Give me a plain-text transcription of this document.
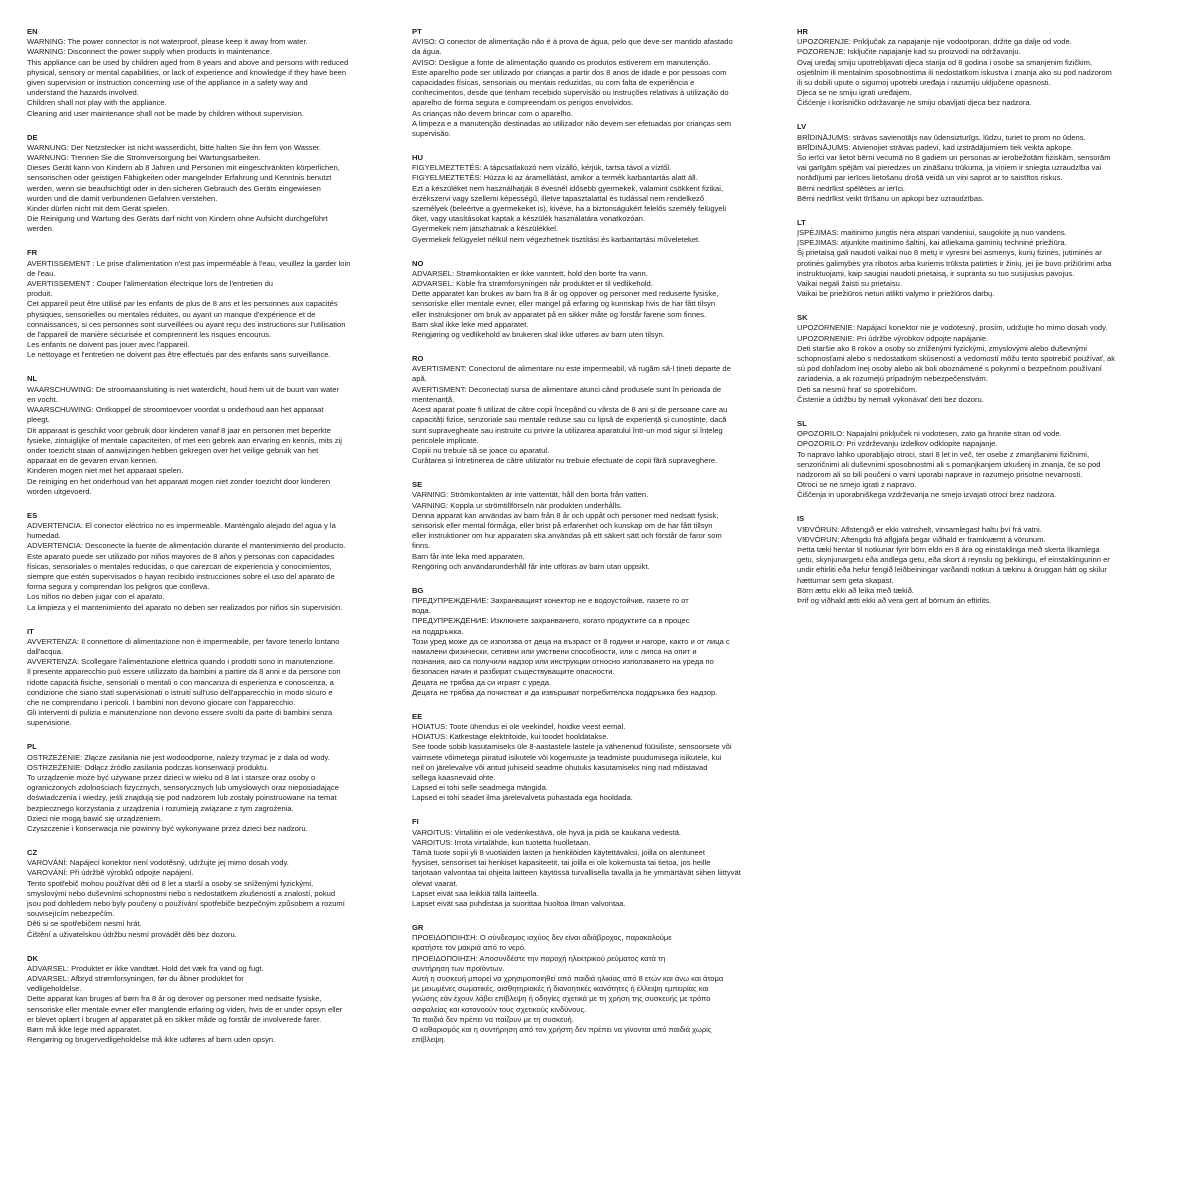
EN
WARNING: The power connector is not waterproof, please keep it away from water.
WARNING: Disconnect the power supply when products in maintenance.
This appliance can be used by children aged from 8 years and above and persons with reduced
physical, sensory or mental capabilities, or lack of experience and knowledge if they have been
given supervision or instruction concerning use of the appliance in a safety way and
understand the hazards involved.
Children shall not play with the appliance.
Cleaning and user maintenance shall not be made by children without supervision.
DE
WARNUNG: Der Netzstecker ist nicht wasserdicht, bitte halten Sie ihn fern von Wasser.
WARNUNG: Trennen Sie die Stromversorgung bei Wartungsarbeiten.
Dieses Gerät kann von Kindern ab 8 Jahren und Personen mit eingeschränkten körperlichen,
sensorischen oder geistigen Fähigkeiten oder mangelnder Erfahrung und Kenntnis benutzt
werden, wenn sie beaufsichtigt oder in den sicheren Gebrauch des Geräts eingewiesen
wurden und die damit verbundenen Gefahren verstehen.
Kinder dürfen nicht mit dem Gerät spielen.
Die Reinigung und Wartung des Geräts darf nicht von Kindern ohne Aufsicht durchgeführt
werden.
FR
AVERTISSEMENT : Le prise d'alimentation n'est pas imperméable à l'eau, veuillez la garder loin
de l'eau.
AVERTISSEMENT : Couper l'alimentation électrique lors de l'entretien du
produit.
Cet appareil peut être utilisé par les enfants de plus de 8 ans et les personnes aux capacités
physiques, sensorielles ou mentales réduites, ou ayant un manque d'expérience et de
connaissances, si ces personnes sont surveillées ou ayant reçu des instructions sur l'utilisation
de l'appareil de manière sécurisée et comprennent les risques encourus.
Les enfants ne doivent pas jouer avec l'appareil.
Le nettoyage et l'entretien ne doivent pas être effectués par des enfants sans surveillance.
NL
WAARSCHUWING: De stroomaansluiting is niet waterdicht, houd hem uit de buurt van water
en vocht.
WAARSCHUWING: Ontkoppel de stroomtoevoer voordat u onderhoud aan het apparaat
pleegt.
Dit apparaat is geschikt voor gebruik door kinderen vanaf 8 jaar en personen met beperkte
fysieke, zintuiglijke of mentale capaciteiten, of met een gebrek aan ervaring en kennis, mits zij
onder toezicht staan of aanwijzingen hebben gekregen over het veilige gebruik van het
apparaat en de gevaren ervan kennen.
Kinderen mogen niet met het apparaat spelen.
De reiniging en het onderhoud van het apparaat mogen niet zonder toezicht door kinderen
worden uitgevoerd.
ES
ADVERTENCIA: El conector eléctrico no es impermeable. Manténgalo alejado del agua y la
humedad.
ADVERTENCIA: Desconecte la fuente de alimentación durante el mantenimiento del producto.
Este aparato puede ser utilizado por niños mayores de 8 años y personas con capacidades
físicas, sensoriales o mentales reducidas, o que carezcan de experiencia y conocimientos,
siempre que estén supervisados o hayan recibido instrucciones sobre el uso del aparato de
forma segura y comprendan los peligros que conlleva.
Los niños no deben jugar con el aparato.
La limpieza y el mantenimiento del aparato no deben ser realizados por niños sin supervisión.
IT
AVVERTENZA: Il connettore di alimentazione non è impermeabile, per favore tenerlo lontano
dall'acqua.
AVVERTENZA: Scollegare l'alimentazione elettrica quando i prodotti sono in manutenzione.
Il presente apparecchio può essere utilizzato da bambini a partire da 8 anni e da persone con
ridotte capacità fisiche, sensoriali o mentali o con mancanza di esperienza e conoscenza, a
condizione che siano stati supervisionati o istruiti sull'uso dell'apparecchio in modo sicuro e
che ne comprendano i pericoli. I bambini non devono giocare con l'apparecchio.
Gli interventi di pulizia e manutenzione non devono essere svolti da parte di bambini senza
supervisione.
PL
OSTRZEŻENIE: Złącze zasilania nie jest wodoodporne, należy trzymać je z dala od wody.
OSTRZEŻENIE: Odłącz źródło zasilania podczas konserwacji produktu.
To urządzenie może być używane przez dzieci w wieku od 8 lat i starsze oraz osoby o
ograniczonych zdolnościach fizycznych, sensorycznych lub umysłowych oraz nieposiadające
doświadczenia i wiedzy, jeśli znajdują się pod nadzorem lub zostały poinstruowane na temat
bezpiecznego korzystania z urządzenia i rozumieją związane z tym zagrożenia.
Dzieci nie mogą bawić się urządzeniem.
Czyszczenie i konserwacja nie powinny być wykonywane przez dzieci bez nadzoru.
CZ
VAROVÁNÍ: Napájecí konektor není vodotěsný, udržujte jej mimo dosah vody.
VAROVÁNÍ: Při údržbě výrobků odpojte napájení.
Tento spotřebič mohou používat děti od 8 let a starší a osoby se sníženými fyzickými,
smyslovými nebo duševními schopnostmi nebo s nedostatkem zkušeností a znalostí, pokud
jsou pod dohledem nebo byly poučeny o používání spotřebiče bezpečným způsobem a rozumí
souvisejícím nebezpečím.
Děti si se spotřebičem nesmí hrát.
Čištění a uživatelskou údržbu nesmí provádět děti bez dozoru.
DK
ADVARSEL: Produktet er ikke vandtæt. Hold det væk fra vand og fugt.
ADVARSEL: Afbryd strømforsyningen, før du åbner produktet for
vedligeholdelse.
Dette apparat kan bruges af børn fra 8 år og derover og personer med nedsatte fysiske,
sensoriske eller mentale evner eller manglende erfaring og viden, hvis de er under opsyn eller
er blevet oplært i brugen af apparatet på en sikker måde og forstår de involverede farer.
Børn må ikke lege med apparatet.
Rengøring og brugervedligeholdelse må ikke udføres af børn uden opsyn.
PT
AVISO: O conector de alimentação não é à prova de água, pelo que deve ser mantido afastado
da água.
AVISO: Desligue a fonte de alimentação quando os produtos estiverem em manutenção.
Este aparelho pode ser utilizado por crianças a partir dos 8 anos de idade e por pessoas com
capacidades físicas, sensoriais ou mentais reduzidas, ou com falta de experiência e
conhecimentos, desde que tenham recebido supervisão ou instruções relativas à utilização do
aparelho de forma segura e compreendam os perigos envolvidos.
As crianças não devem brincar com o aparelho.
A limpeza e a manutenção destinadas ao utilizador não devem ser efetuadas por crianças sem
supervisão.
HU
FIGYELMEZTETÉS: A tápcsatlakozó nem vízálló, kérjük, tartsa távol a víztől.
FIGYELMEZTETÉS: Húzza ki az áramellátást, amikor a termék karbantartás alatt áll.
Ezt a készüléket nem használhatják 8 évesnél idősebb gyermekek, valamint csökkent fizikai,
érzékszervi vagy szellemi képességű, illetve tapasztalattal és tudással nem rendelkező
személyek (beleértve a gyermekeket is), kivéve, ha a biztonságukért felelős személy felügyeli
őket, vagy utasításokat kaptak a készülék használatára vonatkozóan.
Gyermekek nem játszhatnak a készülékkel.
Gyermekek felügyelet nélkül nem végezhetnek tisztítási és karbantartási műveleteket.
NO
ADVARSEL: Strømkontakten er ikke vanntett, hold den borte fra vann.
ADVARSEL: Koble fra strømforsyningen når produktet er til vedlikehold.
Dette apparatet kan brukes av barn fra 8 år og oppover og personer med reduserte fysiske,
sensoriske eller mentale evner, eller mangel på erfaring og kunnskap hvis de har fått tilsyn
eller instruksjoner om bruk av apparatet på en sikker måte og forstår farene som finnes.
Barn skal ikke leke med apparatet.
Rengjøring og vedlikehold av brukeren skal ikke utføres av barn uten tilsyn.
RO
AVERTISMENT: Conectorul de alimentare nu este impermeabil, vă rugăm să-l țineți departe de
apă.
AVERTISMENT: Deconectați sursa de alimentare atunci când produsele sunt în perioada de
mentenanță.
Acest aparat poate fi utilizat de către copii începând cu vârsta de 8 ani și de persoane care au
capacități fizice, senzoriale sau mentale reduse sau cu lipsă de experiență și cunoștințe, dacă
sunt supravegheate sau instruite cu privire la utilizarea aparatului într-un mod sigur și înțeleg
pericolele implicate.
Copiii nu trebuie să se joace cu aparatul.
Curățarea și întreținerea de către utilizator nu trebuie efectuate de copii fără supraveghere.
SE
VARNING: Strömkontakten är inte vattentät, håll den borta från vatten.
VARNING: Koppla ur strömtillförseln när produkten underhålls.
Denna apparat kan användas av barn från 8 år och uppåt och personer med nedsatt fysisk,
sensorisk eller mental förmåga, eller brist på erfarenhet och kunskap om de har fått tillsyn
eller instruktioner om hur apparaten ska användas på ett säkert sätt och förstår de faror som
finns.
Barn får inte leka med apparaten.
Rengöring och användarunderhåll får inte utföras av barn utan uppsikt.
BG
ПРЕДУПРЕЖДЕНИЕ: Захранващият конектор не е водоустойчив, пазете го от
вода.
ПРЕДУПРЕЖДЕНИЕ: Изключете захранването, когато продуктите са в процес
на поддръжка.
Този уред може да се използва от деца на възраст от 8 години и нагоре, както и от лица с
намалени физически, сетивни или умствени способности, или с липса на опит и
познания, ако са получили надзор или инструкции относно използването на уреда по
безопасен начин и разбират съществуващите опасности.
Децата не трябва да си играят с уреда.
Децата не трябва да почистват и да извършват потребителска поддръжка без надзор.
EE
HOIATUS: Toote ühendus ei ole veekindel, hoidke veest eemal.
HOIATUS: Katkestage elektritoide, kui toodet hooldatakse.
See toode sobib kasutamiseks üle 8-aastastele lastele ja vähenenud füüsiliste, sensoorsete või
vaimsete võimetega piiratud isikutele või kogemuste ja teadmiste puudumisega isikutele, kui
neil on järelevalve või antud juhiseid seadme ohutuks kasutamiseks ning nad mõistavad
sellega kaasnevaid ohte.
Lapsed ei tohi selle seadmega mängida.
Lapsed ei tohi seadet ilma järelevalveta puhastada ega hooldada.
FI
VAROITUS: Virtaliitin ei ole vedenkestävä, ole hyvä ja pidä se kaukana vedestä.
VAROITUS: Irrota virtalähde, kun tuotetta huolletaan.
Tämä tuote sopii yli 8 vuotiaiden lasten ja henkilöiden käytettäväksi, joilla on alentuneet
fyysiset, sensoriset tai henkiset kapasiteetit, tai joilla ei ole kokemusta tai tietoa, jos heille
tarjotaan valvontaa tai ohjeita laitteen käytössä turvallisella tavalla ja he ymmärtävät siihen liittyvät
olevat vaarat.
Lapset eivät saa leikkiä tällä laitteella.
Lapset eivät saa puhdistaa ja suorittaa huoltoa ilman valvontaa.
GR
ΠΡΟΕΙΔΟΠΟΙΗΣΗ: Ο σύνδεσμος ισχύος δεν είναι αδιάβροχος, παρακαλούμε
κρατήστε τον μακριά από το νερό.
ΠΡΟΕΙΔΟΠΟΙΗΣΗ: Αποσυνδέστε την παροχή ηλεκτρικού ρεύματος κατά τη
συντήρηση των προϊόντων.
Αυτή η συσκευή μπορεί να χρησιμοποιηθεί από παιδιά ηλικίας από 8 ετών και άνω και άτομα
με μειωμένες σωματικές, αισθητηριακές ή διανοητικές ικανότητες ή έλλειψη εμπειρίας και
γνώσης εάν έχουν λάβει επίβλεψη ή οδηγίες σχετικά με τη χρήση της συσκευής με τρόπο
ασφαλείας και κατανοούν τους σχετικούς κινδύνους.
Τα παιδιά δεν πρέπει να παίζουν με τη συσκευή.
Ο καθαρισμός και η συντήρηση από τον χρήστη δεν πρέπει να γίνονται από παιδιά χωρίς
επίβλεψη.
HR
UPOZORENJE: Priključak za napajanje nije vodootporan, držite ga dalje od vode.
POZORENJE: Isključite napajanje kad su proizvodi na održavanju.
Ovaj uređaj smiju upotrebljavati djeca starija od 8 godina i osobe sa smanjenim fizičkim,
osjetilnim ili mentalnim sposobnostima ili nedostatkom iskustva i znanja ako su pod nadzorom
ili su dobili upute o sigurnoj upotrebi uređaja i razumiju uključene opasnosti.
Djeca se ne smiju igrati uređajem.
Čišćenje i korisničko održavanje ne smiju obavljati djeca bez nadzora.
LV
BRĪDINĀJUMS: strāvas savienotājs nav ūdensizturīgs, lūdzu, turiet to prom no ūdens.
BRĪDINĀJUMS: Atvienojiet strāvas padevi, kad izstrādājumiem tiek veikta apkope.
Šo ierīci var lietot bērni vecumā no 8 gadiem un personas ar ierobežotām fiziskām, sensorām
vai garīgām spējām vai pieredzes un zināšanu trūkuma, ja viņiem ir sniegta uzraudzība vai
norādījumi par ierīces lietošanu drošā veidā un viņi saprot ar to saistītos riskus.
Bērni nedrīkst spēlēties ar ierīci.
Bērni nedrīkst veikt tīrīšanu un apkopi bez uzraudzības.
LT
ĮSPĖJIMAS: maitinimo jungtis nėra atspari vandeniui, saugokite ją nuo vandens.
ĮSPĖJIMAS: atjunkite maitinimo šaltinį, kai atliekama gaminių techninė priežiūra.
Šį prietaisą gali naudoti vaikai nuo 8 metų ir vyresni bei asmenys, kurių fizinės, jutiminės ar
protinės galimybės yra ribotos arba kuriems trūksta patirties ir žinių, jei jie buvo prižiūrimi arba
instruktuojami, kaip saugiai naudoti prietaisą, ir supranta su tuo susijusius pavojus.
Vaikai negali žaisti su prietaisu.
Vaikai be priežiūros neturi atlikti valymo ir priežiūros darbų.
SK
UPOZORNENIE: Napájací konektor nie je vodotesný, prosím, udržujte ho mimo dosah vody.
UPOZORNENIE: Pri údržbe výrobkov odpojte napájanie.
Deti staršie ako 8 rokov a osoby so zníženými fyzickými, zmyslovými alebo duševnými
schopnosťami alebo s nedostatkom skúseností a vedomostí môžu tento spotrebič používať, ak
sú pod dohľadom inej osoby alebo ak boli oboznámené s pokynmi o bezpečnom používaní
zariadenia, a ak rozumejú prípadným nebezpečenstvám.
Deti sa nesmú hrať so spotrebičom.
Čistenie a údržbu by nemali vykonávať deti bez dozoru.
SL
OPOZORILO: Napajalni priključek ni vodotesen, zato ga hranite stran od vode.
OPOZORILO: Pri vzdrževanju izdelkov odklopite napajanje.
To napravo lahko uporabljajo otroci, stari 8 let in več, ter osebe z zmanjšanimi fizičnimi,
senzoričnimi ali duševnimi sposobnostmi ali s pomanjkanjem izkušenj in znanja, če so pod
nadzorom ali so bili poučeni o varni uporabi naprave in razumejo prisotne nevarnosti.
Otroci se ne smejo igrati z napravo.
Čiščenja in uporabniškega vzdrževanja ne smejo izvajati otroci brez nadzora.
IS
VIÐVÖRUN: Aflstengið er ekki vatnshelt, vinsamlegast haltu því frá vatni.
VIÐVÖRUN: Aftengdu frá aflgjafa þegar viðhald er framkvæmt á vörunum.
Þetta tæki hentar til notkunar fyrir börn eldri en 8 ára og einstaklinga með skerta líkamlega
getu, skynjunargetu eða andlega getu, eða skort á reynslu og þekkingu, ef einstaklingurinn er
undir eftirliti eða hefur fengið leiðbeiningar varðandi notkun á tækinu á öruggan hátt og skilur
hætturnar sem geta skapast.
Börn ættu ekki að leika með tækið.
Þrif og viðhald ætti ekki að vera gert af börnum án eftirlits.
